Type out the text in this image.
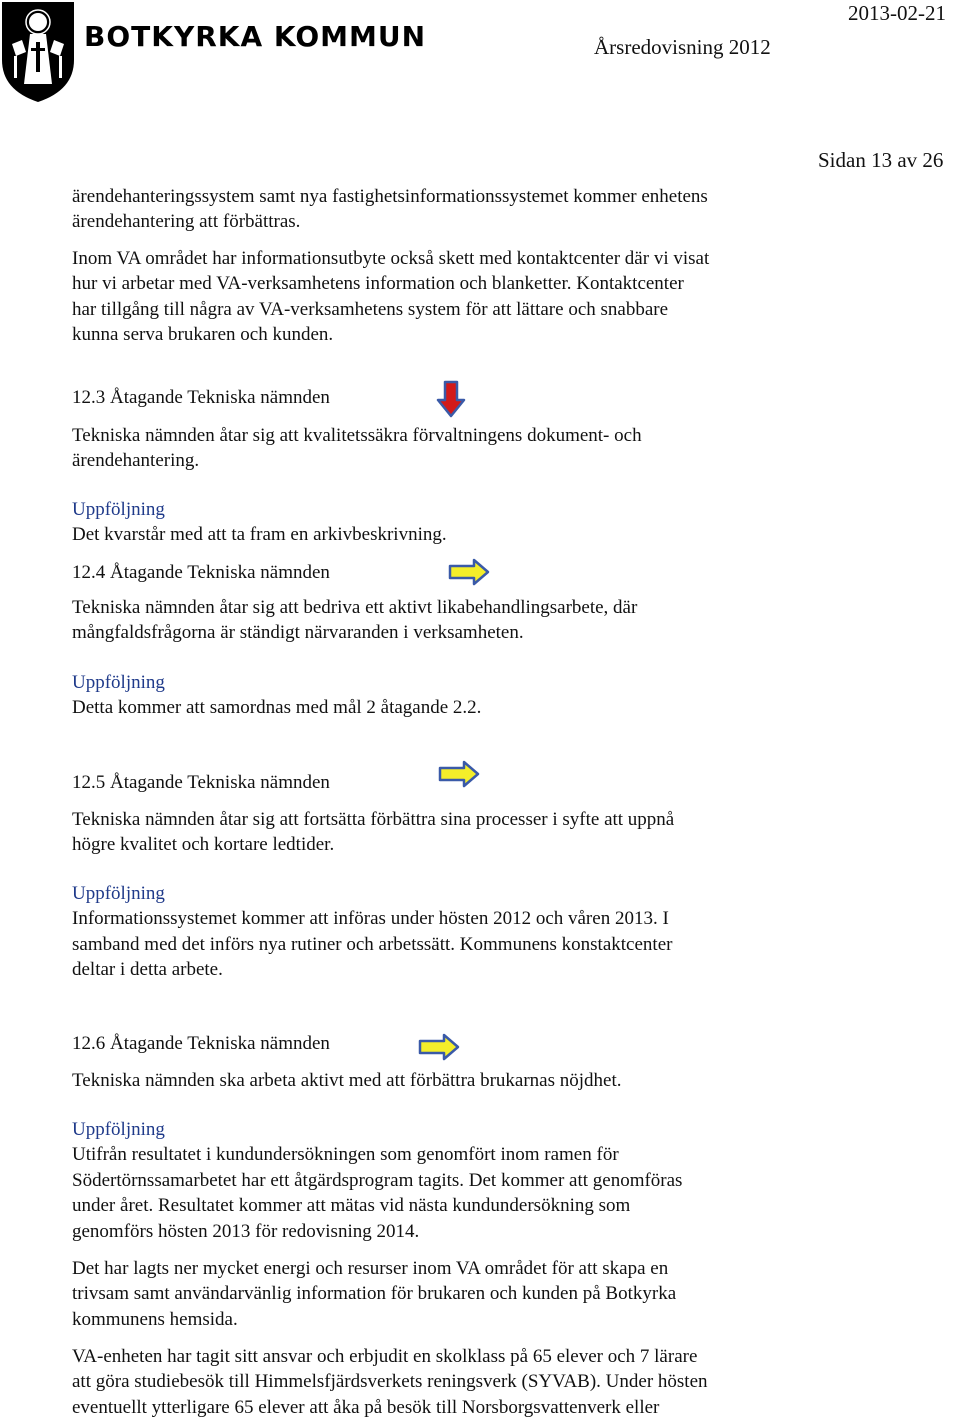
BOTKYRKA KOMMUN	Årsredovisning 2012
2013-02-21
Sidan 13 av 26
ärendehanteringssystem samt nya fastighetsinformationssystemet kommer enhetens
ärendehantering att förbättras.
Inom VA området har informationsutbyte också skett med kontaktcenter där vi visat
hur vi arbetar med VA-verksamhetens information och blanketter. Kontaktcenter
har tillgång till några av VA-verksamhetens system för att lättare och snabbare
kunna serva brukaren och kunden.
12.3 Åtagande Tekniska nämnden
Tekniska nämnden åtar sig att kvalitetssäkra förvaltningens dokument- och
ärendehantering.
Uppföljning
Det kvarstår med att ta fram en arkivbeskrivning.
12.4 Åtagande Tekniska nämnden
Tekniska nämnden åtar sig att bedriva ett aktivt likabehandlingsarbete, där
mångfaldsfrågorna är ständigt närvaranden i verksamheten.
Uppföljning
Detta kommer att samordnas med mål 2 åtagande 2.2.
12.5 Åtagande Tekniska nämnden
Tekniska nämnden åtar sig att fortsätta förbättra sina processer i syfte att uppnå
högre kvalitet och kortare ledtider.
Uppföljning
Informationssystemet kommer att införas under hösten 2012 och våren 2013. I
samband med det införs nya rutiner och arbetssätt. Kommunens konstaktcenter
deltar i detta arbete.
12.6 Åtagande Tekniska nämnden
Tekniska nämnden ska arbeta aktivt med att förbättra brukarnas nöjdhet.
Uppföljning
Utifrån resultatet i kundundersökningen som genomfört inom ramen för
Södertörnssamarbetet har ett åtgärdsprogram tagits. Det kommer att genomföras
under året. Resultatet kommer att mätas vid nästa kundundersökning som
genomförs hösten 2013 för redovisning 2014.
Det har lagts ner mycket energi och resurser inom VA området för att skapa en
trivsam samt användarvänlig information för brukaren och kunden på Botkyrka
kommunens hemsida.
VA-enheten har tagit sitt ansvar och erbjudit en skolklass på 65 elever och 7 lärare
att göra studiebesök till Himmelsfjärdsverkets reningsverk (SYVAB). Under hösten
eventuellt ytterligare 65 elever att åka på besök till Norsborgsvattenverk eller
